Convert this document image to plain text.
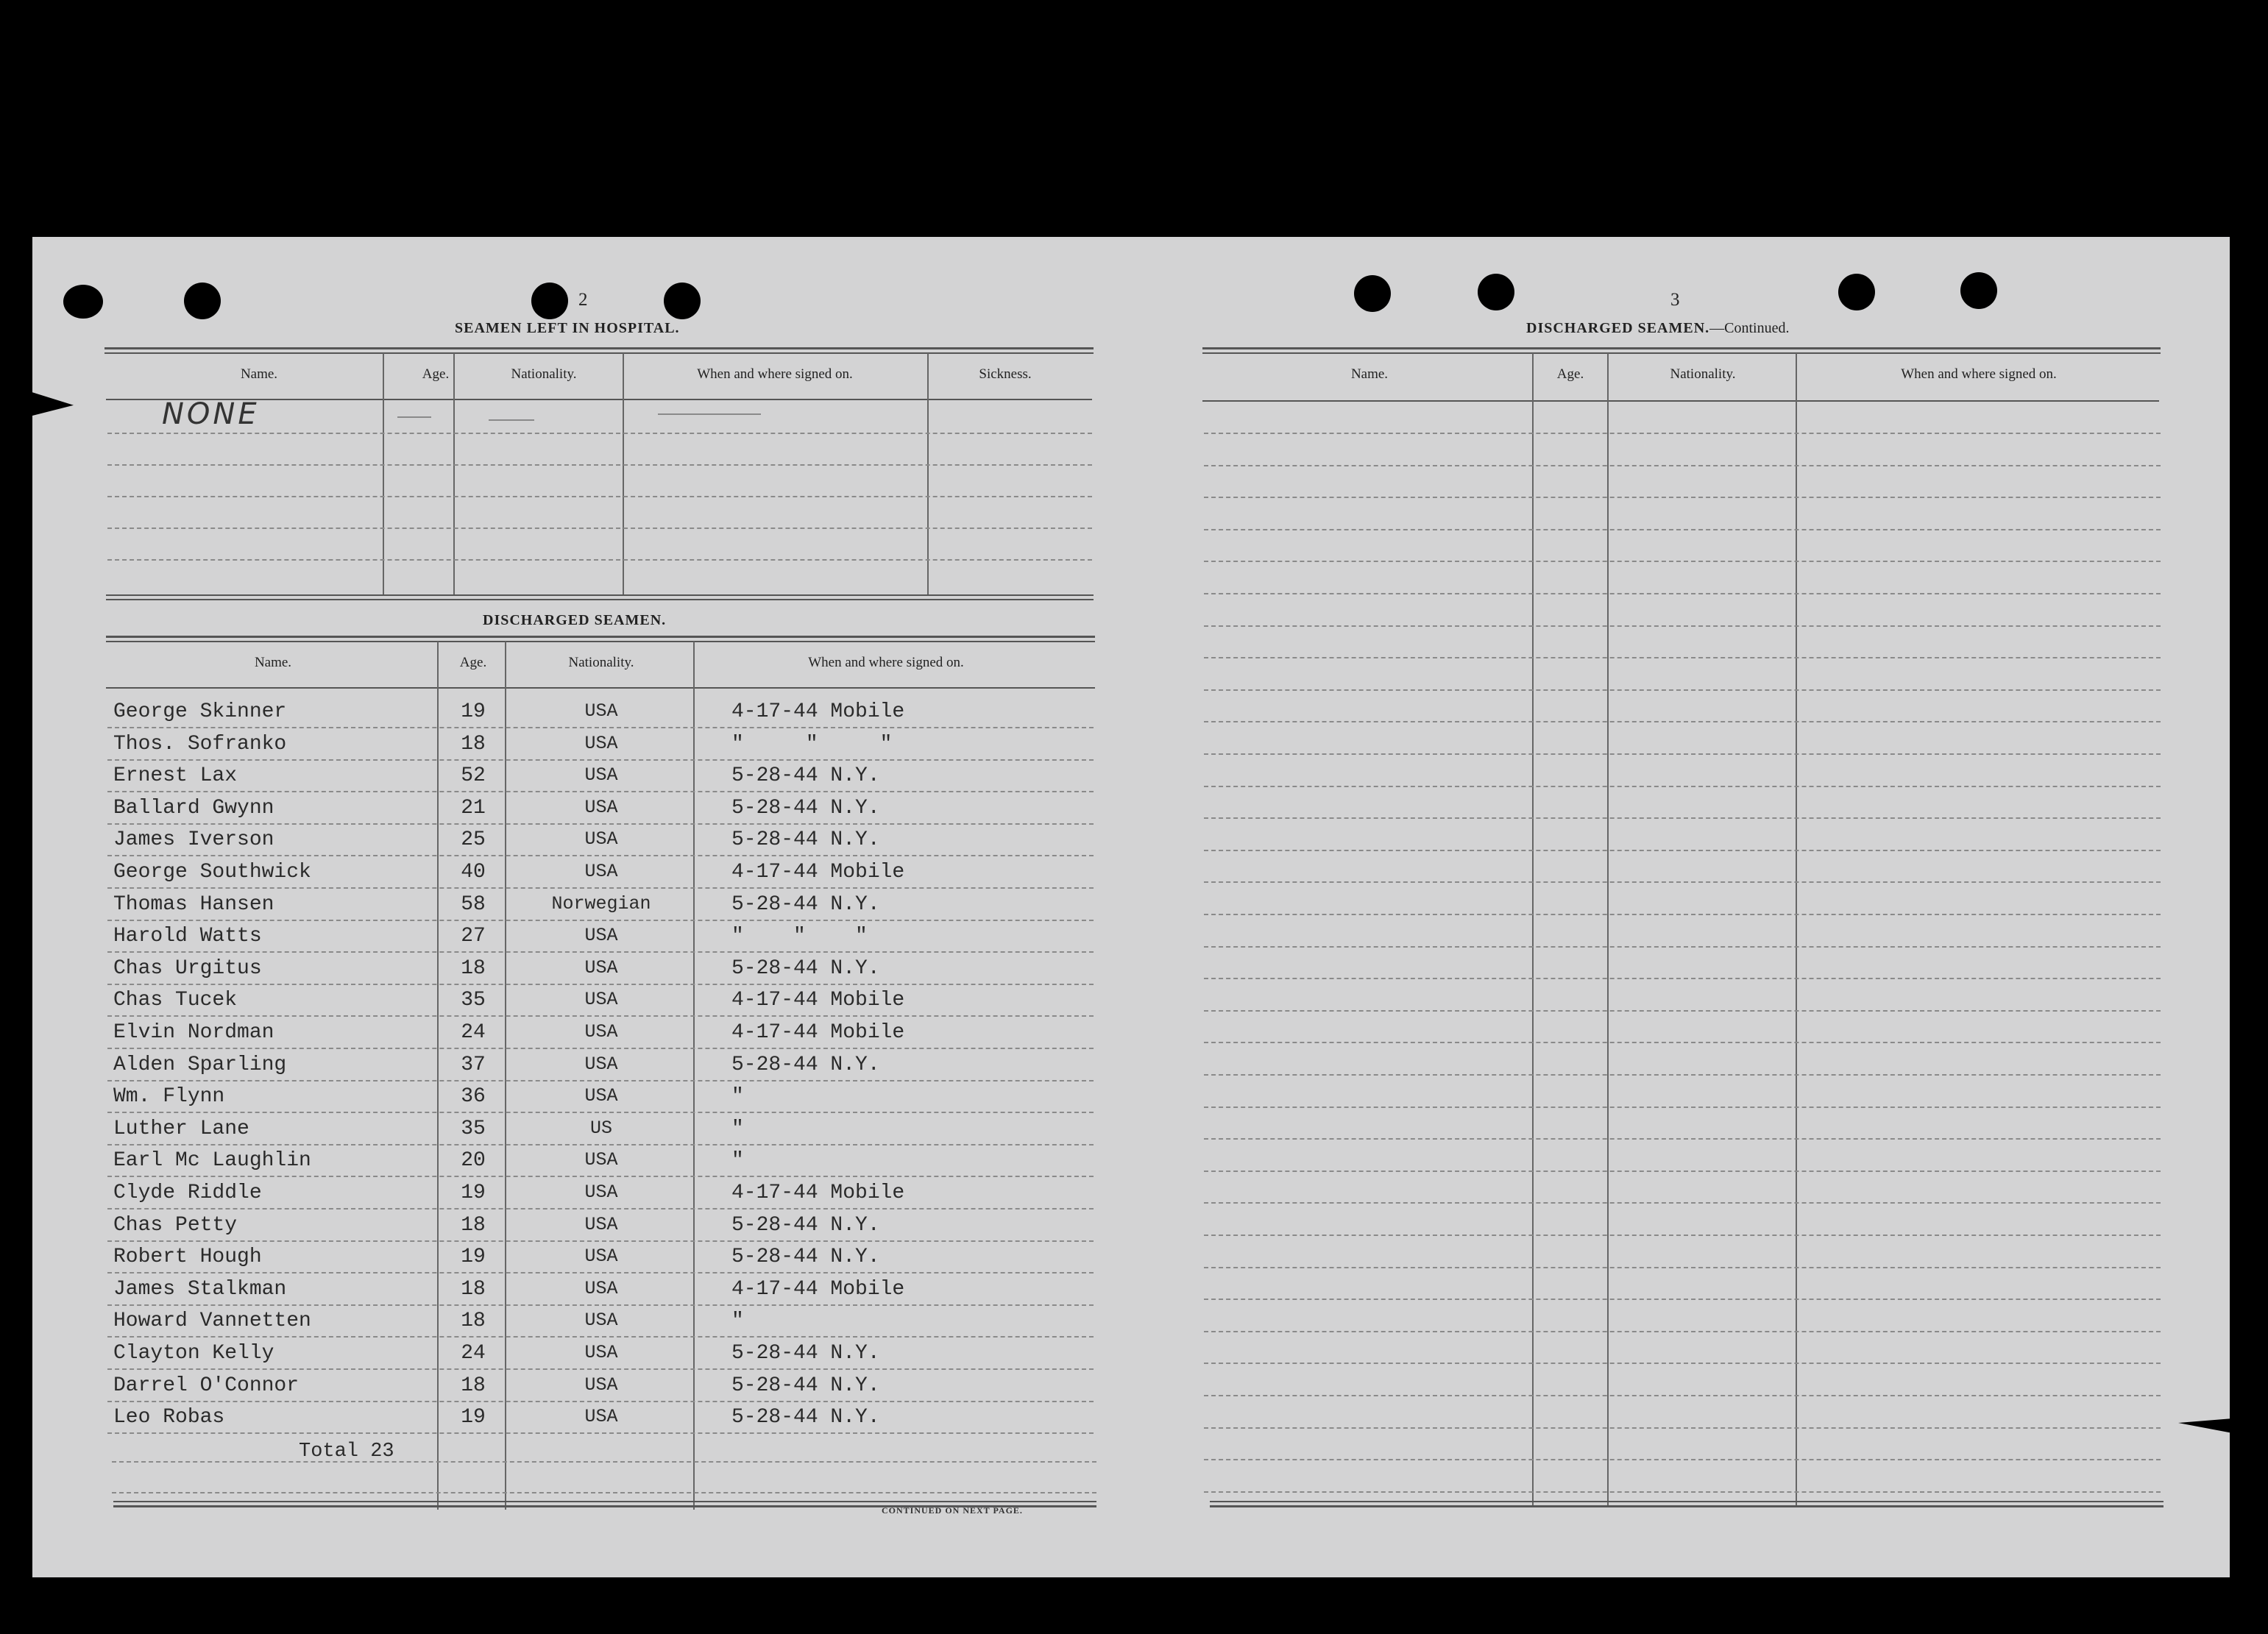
2
SEAMEN LEFT IN HOSPITAL.
Name.	Age.	Nationality.	When and where signed on.	Sickness.
NONE
DISCHARGED SEAMEN.
Name.	Age.	Nationality.	When and where signed on.
George Skinner	19	USA	4-17-44 Mobile
Thos. Sofranko	18	USA	"     "     "
Ernest Lax	52	USA	5-28-44 N.Y.
Ballard Gwynn	21	USA	5-28-44 N.Y.
James Iverson	25	USA	5-28-44 N.Y.
George Southwick	40	USA	4-17-44 Mobile
Thomas Hansen	58	Norwegian	5-28-44 N.Y.
Harold Watts	27	USA	"    "    "
Chas Urgitus	18	USA	5-28-44 N.Y.
Chas Tucek	35	USA	4-17-44 Mobile
Elvin Nordman	24	USA	4-17-44 Mobile
Alden Sparling	37	USA	5-28-44 N.Y.
Wm. Flynn	36	USA	"
Luther Lane	35	US	"
Earl Mc Laughlin	20	USA	"
Clyde Riddle	19	USA	4-17-44 Mobile
Chas Petty	18	USA	5-28-44 N.Y.
Robert Hough	19	USA	5-28-44 N.Y.
James Stalkman	18	USA	4-17-44 Mobile
Howard Vannetten	18	USA	"
Clayton Kelly	24	USA	5-28-44 N.Y.
Darrel O'Connor	18	USA	5-28-44 N.Y.
Leo Robas	19	USA	5-28-44 N.Y.
Total 23
CONTINUED ON NEXT PAGE.
3
DISCHARGED SEAMEN.—Continued.
Name.	Age.	Nationality.	When and where signed on.
